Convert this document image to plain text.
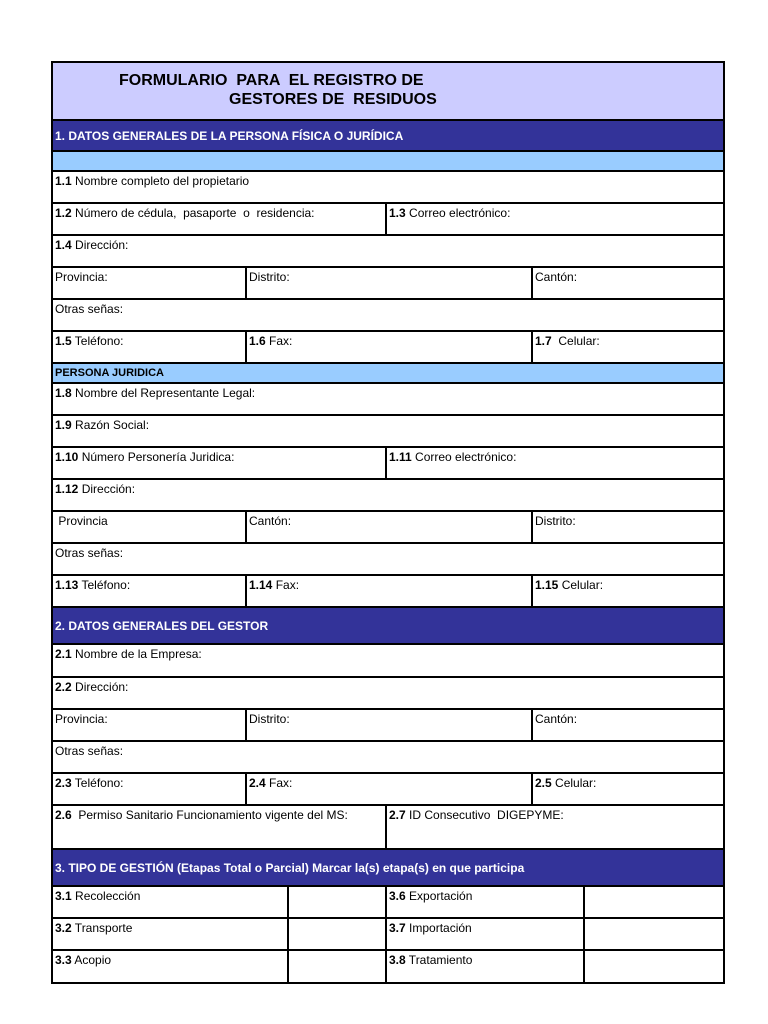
FORMULARIO  PARA  EL REGISTRO DE
GESTORES DE  RESIDUOS
1. DATOS GENERALES DE LA PERSONA FÍSICA O JURÍDICA
1.1 Nombre completo del propietario
1.2 Número de cédula,  pasaporte  o  residencia:	1.3 Correo electrónico:
1.4 Dirección:
Provincia:	Distrito:	Cantón:
Otras señas:
1.5 Teléfono:	1.6 Fax:	1.7  Celular:
PERSONA JURIDICA
1.8 Nombre del Representante Legal:
1.9 Razón Social:
1.10 Número Personería Juridica:	1.11 Correo electrónico:
1.12 Dirección:
Provincia	Cantón:	Distrito:
Otras señas:
1.13 Teléfono:	1.14 Fax:	1.15 Celular:
2. DATOS GENERALES DEL GESTOR
2.1 Nombre de la Empresa:
2.2 Dirección:
Provincia:	Distrito:	Cantón:
Otras señas:
2.3 Teléfono:	2.4 Fax:	2.5 Celular:
2.6  Permiso Sanitario Funcionamiento vigente del MS:	2.7 ID Consecutivo  DIGEPYME:
3. TIPO DE GESTIÓN (Etapas Total o Parcial) Marcar la(s) etapa(s) en que participa
3.1 Recolección	3.6 Exportación
3.2 Transporte	3.7 Importación
3.3 Acopio	3.8 Tratamiento
